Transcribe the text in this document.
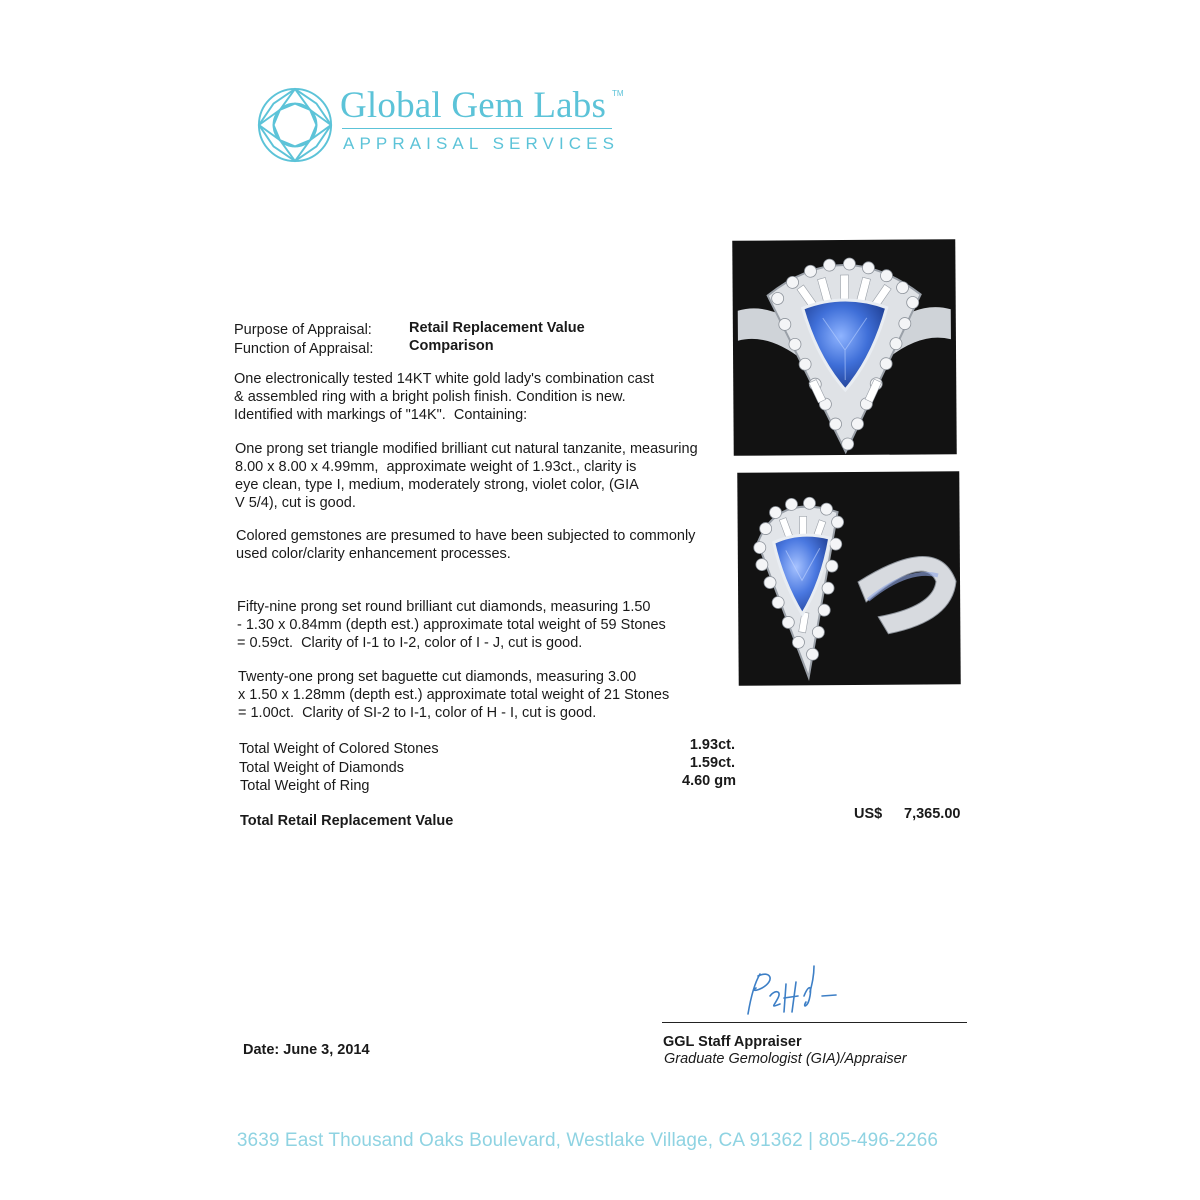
Global Gem Labs TM
APPRAISAL SERVICES
Purpose of Appraisal:	Retail Replacement Value
Function of Appraisal: Comparison
One electronically tested 14KT white gold lady's combination cast
& assembled ring with a bright polish finish. Condition is new.
Identified with markings of "14K".  Containing:
One prong set triangle modified brilliant cut natural tanzanite, measuring
8.00 x 8.00 x 4.99mm,  approximate weight of 1.93ct., clarity is
eye clean, type I, medium, moderately strong, violet color, (GIA
V 5/4), cut is good.
Colored gemstones are presumed to have been subjected to commonly
used color/clarity enhancement processes.
Fifty-nine prong set round brilliant cut diamonds, measuring 1.50
- 1.30 x 0.84mm (depth est.) approximate total weight of 59 Stones
= 0.59ct.  Clarity of I-1 to I-2, color of I - J, cut is good.
Twenty-one prong set baguette cut diamonds, measuring 3.00
x 1.50 x 1.28mm (depth est.) approximate total weight of 21 Stones
= 1.00ct.  Clarity of SI-2 to I-1, color of H - I, cut is good.
Total Weight of Colored Stones	1.93ct.
Total Weight of Diamonds	1.59ct.
Total Weight of Ring	4.60 gm
Total Retail Replacement Value	US$ 7,365.00
GGL Staff Appraiser
Graduate Gemologist (GIA)/Appraiser
Date: June 3, 2014
3639 East Thousand Oaks Boulevard, Westlake Village, CA 91362 | 805-496-2266
